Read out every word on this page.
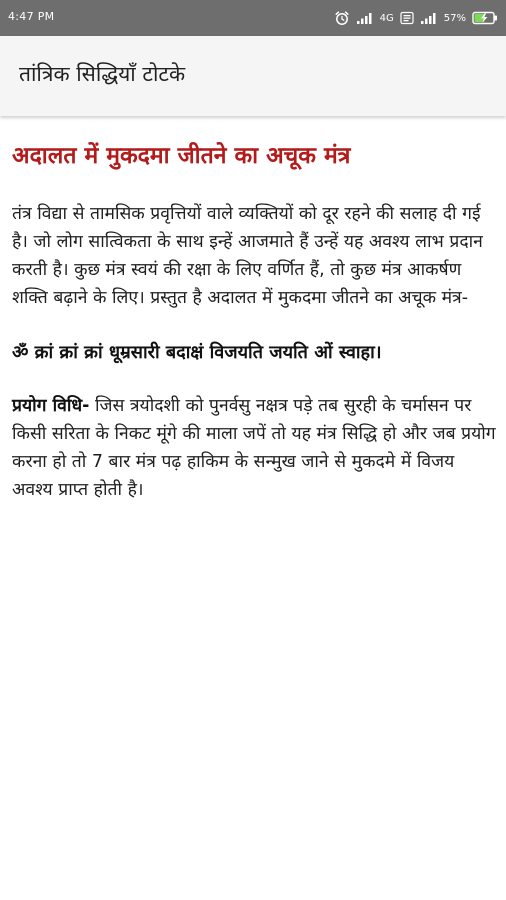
4:47 PM	4G	57%
तांत्रिक सिद्धियाँ टोटके
अदालत में मुकदमा जीतने का अचूक मंत्र

तंत्र विद्या से तामसिक प्रवृत्तियों वाले व्यक्तियों को दूर रहने की सलाह दी गई है। जो लोग सात्विकता के साथ इन्हें आजमाते हैं उन्हें यह अवश्य लाभ प्रदान करती है। कुछ मंत्र स्वयं की रक्षा के लिए वर्णित हैं, तो कुछ मंत्र आकर्षण शक्ति बढ़ाने के लिए। प्रस्तुत है अदालत में मुकदमा जीतने का अचूक मंत्र-

ॐ क्रां क्रां क्रां धूम्रसारी बदाक्षं विजयति जयति ओं स्वाहा।

प्रयोग विधि- जिस त्रयोदशी को पुनर्वसु नक्षत्र पड़े तब सुरही के चर्मासन पर किसी सरिता के निकट मूंगे की माला जपें तो यह मंत्र सिद्धि हो और जब प्रयोग करना हो तो 7 बार मंत्र पढ़ हाकिम के सन्मुख जाने से मुकदमे में विजय अवश्य प्राप्त होती है।
